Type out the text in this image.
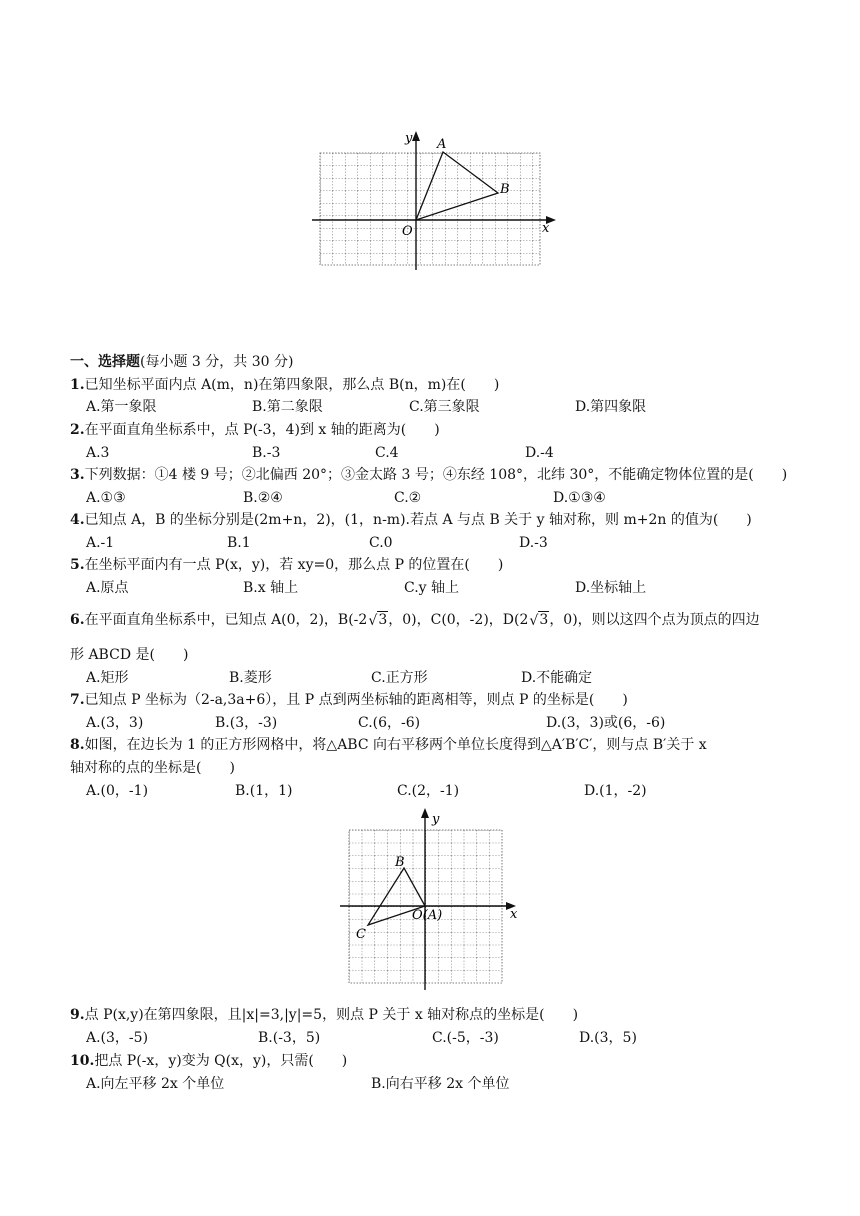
y A
B
O	x
一、选择题(每小题 3 分，共 30 分)
1.已知坐标平面内点 A(m，n)在第四象限，那么点 B(n，m)在(　　)
A.第一象限	B.第二象限	C.第三象限	D.第四象限
2.在平面直角坐标系中，点 P(-3，4)到 x 轴的距离为(　　)
A.3	B.-3	C.4	D.-4
3.下列数据：①4 楼 9 号；②北偏西 20°；③金太路 3 号；④东经 108°，北纬 30°，不能确定物体位置的是(　　)
A.①③	B.②④	C.②	D.①③④
4.已知点 A，B 的坐标分别是(2m+n，2)，(1，n-m).若点 A 与点 B 关于 y 轴对称，则 m+2n 的值为(　　)
A.-1	B.1	C.0	D.-3
5.在坐标平面内有一点 P(x，y)，若 xy=0，那么点 P 的位置在(　　)
A.原点	B.x 轴上	C.y 轴上	D.坐标轴上
6.在平面直角坐标系中，已知点 A(0，2)，B(-2 √ 3，0)，C(0，-2)，D(2 √ 3，0)，则以这四个点为顶点的四边
形 ABCD 是(　　)
A.矩形	B.菱形	C.正方形	D.不能确定
7.已知点 P 坐标为（2-a,3a+6），且 P 点到两坐标轴的距离相等，则点 P 的坐标是(　　)
A.(3，3)	B.(3，-3)	C.(6，-6)	D.(3，3)或(6，-6)
8.如图，在边长为 1 的正方形网格中，将△ABC 向右平移两个单位长度得到△A′B′C′，则与点 B′关于 x
轴对称的点的坐标是(　　)
A.(0，-1)	B.(1，1)	C.(2，-1)	D.(1，-2)
y
B
C
O(A)	x
9.点 P(x,y)在第四象限，且|x|=3,|y|=5，则点 P 关于 x 轴对称点的坐标是(　　)
A.(3，-5)	B.(-3，5)	C.(-5，-3)	D.(3，5)
10.把点 P(-x，y)变为 Q(x，y)，只需(　　)
A.向左平移 2x 个单位	B.向右平移 2x 个单位
